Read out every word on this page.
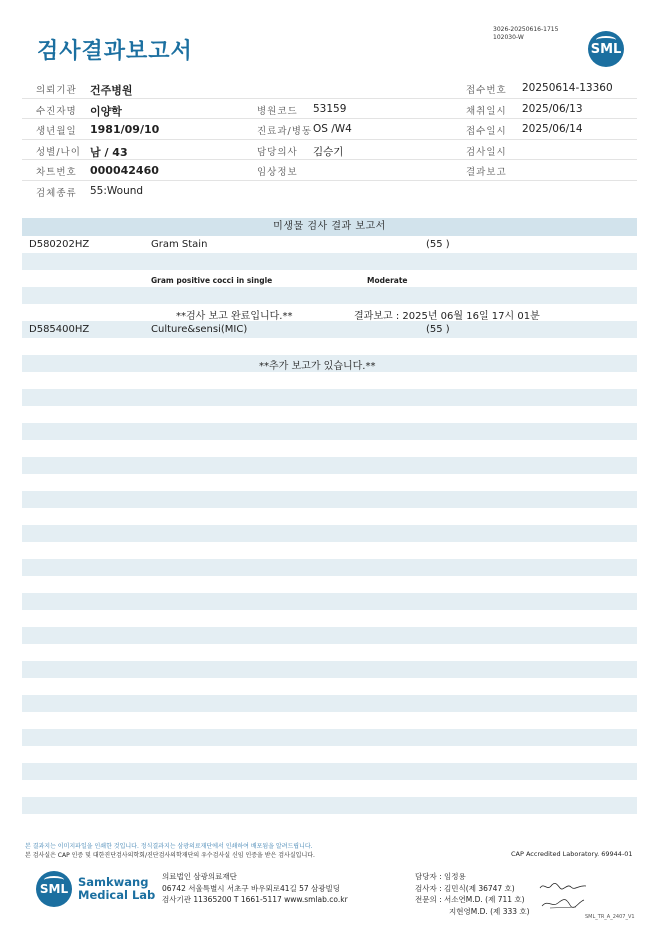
검사결과보고서
3026-20250616-1715
102030-W
SML
의뢰기관 건주병원	접수번호 20250614-13360
수진자명 이양학	병원코드 53159	채취일시 2025/06/13
생년월일 1981/09/10	진료과/병동 OS /W4	접수일시 2025/06/14
성별/나이 남 / 43	담당의사 김승기	검사일시
차트번호 000042460	임상정보	결과보고
검체종류 55:Wound
미생물 검사 결과 보고서
D580202HZ	Gram Stain	(55 )
Gram positive cocci in single	Moderate
**검사 보고 완료입니다.**	결과보고 : 2025년 06월 16일 17시 01분
D585400HZ	Culture&sensi(MIC)	(55 )
**추가 보고가 있습니다.**
본 결과지는 이미지파일을 인쇄한 것입니다. 정식결과지는 삼광의료재단에서 인쇄하여 배포됨을 알려드립니다.
본 검사실은 CAP 인증 및 대한진단검사의학회/진단검사의학재단의 우수검사실 신임 인증을 받은 검사실입니다.	CAP Accredited Laboratory. 69944-01
SML Samkwang
Medical Lab
의료법인 삼광의료재단
06742 서울특별시 서초구 바우뫼로41길 57 삼광빌딩
검사기관 11365200 T 1661-5117 www.smlab.co.kr
담당자 : 임정용
검사자 : 김민식(제 36747 호)
전문의 : 서소연M.D. (제 711 호)
지현영M.D. (제 333 호)
SML_TR_A_2407_V1
